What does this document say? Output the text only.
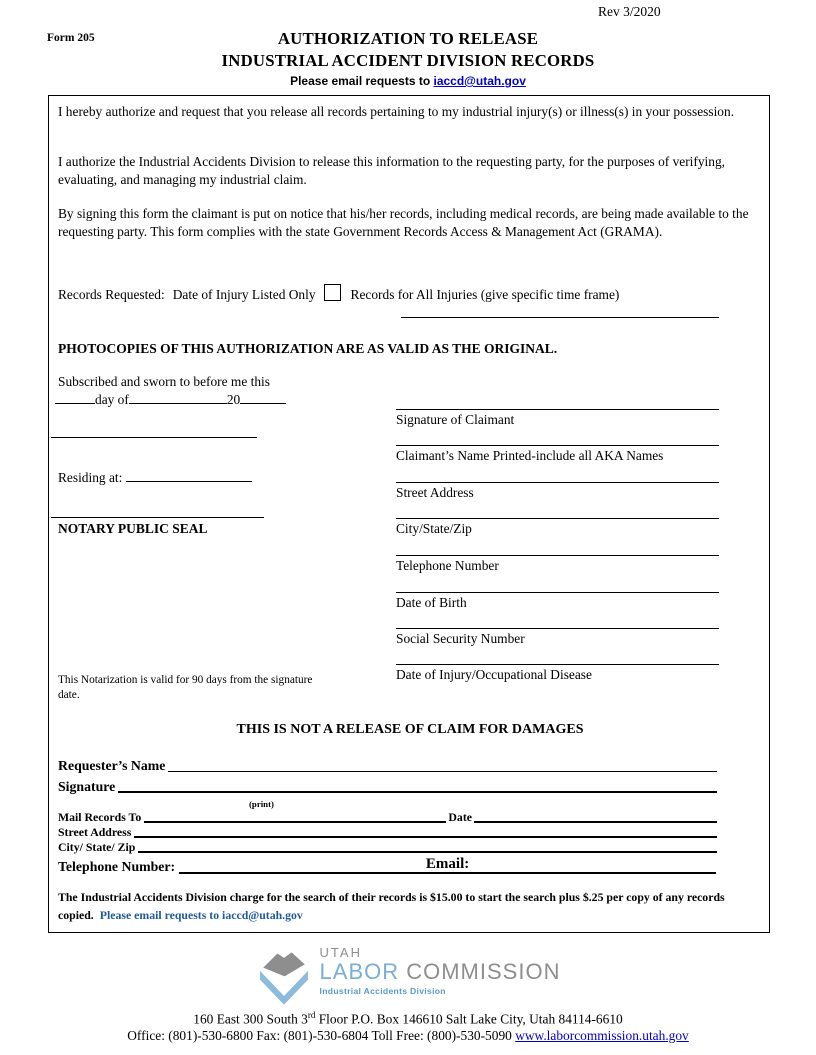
Rev 3/2020
Form 205	AUTHORIZATION TO RELEASE
INDUSTRIAL ACCIDENT DIVISION RECORDS
Please email requests to iaccd@utah.gov
I hereby authorize and request that you release all records pertaining to my industrial injury(s) or illness(s) in your possession.
I authorize the Industrial Accidents Division to release this information to the requesting party, for the purposes of verifying, evaluating, and managing my industrial claim.
By signing this form the claimant is put on notice that his/her records, including medical records, are being made available to the requesting party. This form complies with the state Government Records Access & Management Act (GRAMA).
Records Requested: Date of Injury Listed Only	Records for All Injuries (give specific time frame)
PHOTOCOPIES OF THIS AUTHORIZATION ARE AS VALID AS THE ORIGINAL.
Subscribed and sworn to before me this
day of	20
Residing at:
NOTARY PUBLIC SEAL
This Notarization is valid for 90 days from the signature date.
Signature of Claimant
Claimant’s Name Printed-include all AKA Names
Street Address
City/State/Zip
Telephone Number
Date of Birth
Social Security Number
Date of Injury/Occupational Disease
THIS IS NOT A RELEASE OF CLAIM FOR DAMAGES
Requester’s Name
Signature
(print)
Mail Records To	Date
Street Address
City/ State/ Zip
Telephone Number:	Email:
The Industrial Accidents Division charge for the search of their records is $15.00 to start the search plus $.25 per copy of any records copied. Please email requests to iaccd@utah.gov
UTAH
LABOR COMMISSION
Industrial Accidents Division
160 East 300 South 3rd Floor P.O. Box 146610 Salt Lake City, Utah 84114-6610
Office: (801)-530-6800 Fax: (801)-530-6804 Toll Free: (800)-530-5090 www.laborcommission.utah.gov
